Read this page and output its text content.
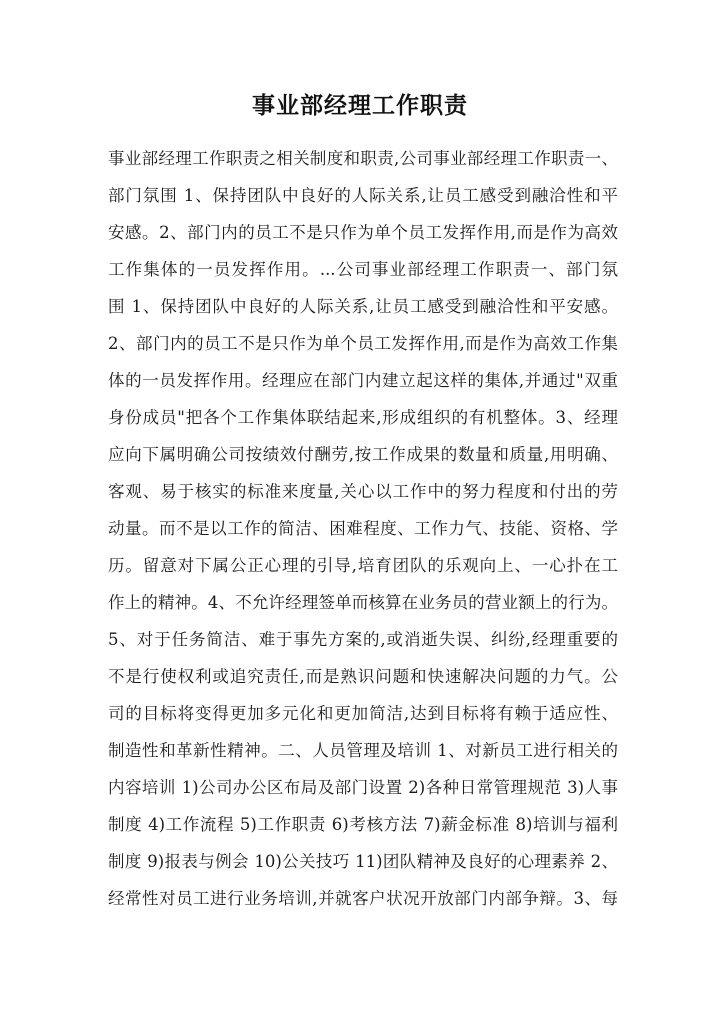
事业部经理工作职责
事业部经理工作职责之相关制度和职责,公司事业部经理工作职责一、
部门氛围 1、保持团队中良好的人际关系,让员工感受到融洽性和平
安感。2、部门内的员工不是只作为单个员工发挥作用,而是作为高效
工作集体的一员发挥作用。...公司事业部经理工作职责一、部门氛
围 1、保持团队中良好的人际关系,让员工感受到融洽性和平安感。
2、部门内的员工不是只作为单个员工发挥作用,而是作为高效工作集
体的一员发挥作用。经理应在部门内建立起这样的集体,并通过"双重
身份成员"把各个工作集体联结起来,形成组织的有机整体。3、经理
应向下属明确公司按绩效付酬劳,按工作成果的数量和质量,用明确、
客观、易于核实的标准来度量,关心以工作中的努力程度和付出的劳
动量。而不是以工作的简洁、困难程度、工作力气、技能、资格、学
历。留意对下属公正心理的引导,培育团队的乐观向上、一心扑在工
作上的精神。4、不允许经理签单而核算在业务员的营业额上的行为。
5、对于任务简洁、难于事先方案的,或消逝失误、纠纷,经理重要的
不是行使权利或追究责任,而是熟识问题和快速解决问题的力气。公
司的目标将变得更加多元化和更加简洁,达到目标将有赖于适应性、
制造性和革新性精神。二、人员管理及培训 1、对新员工进行相关的
内容培训 1)公司办公区布局及部门设置 2)各种日常管理规范 3)人事
制度 4)工作流程 5)工作职责 6)考核方法 7)薪金标准 8)培训与福利
制度 9)报表与例会 10)公关技巧 11)团队精神及良好的心理素养 2、
经常性对员工进行业务培训,并就客户状况开放部门内部争辩。3、每
